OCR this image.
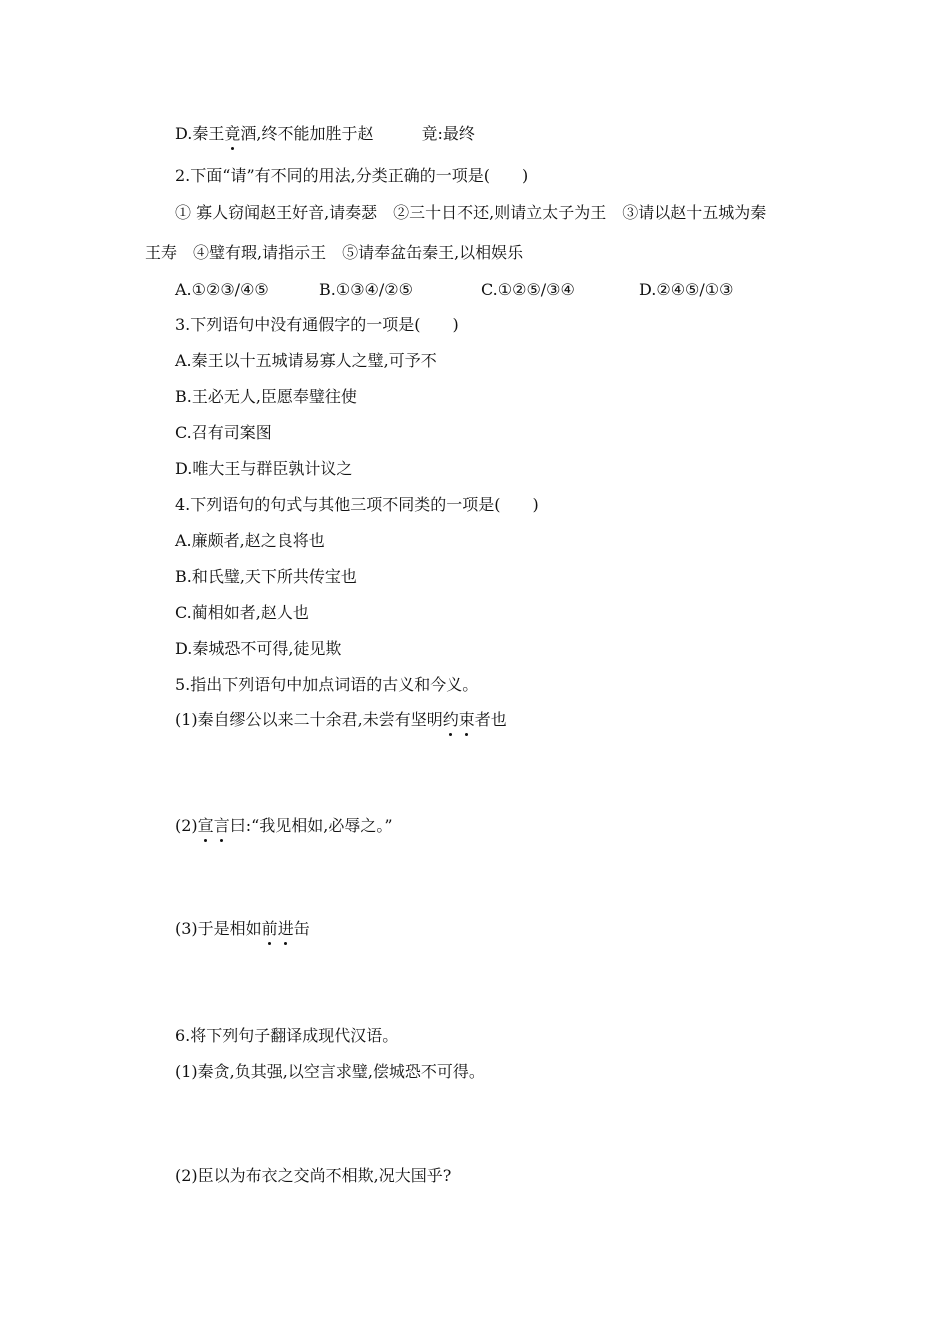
D.秦王竟酒,终不能加胜于赵	竟:最终
2.下面“请”有不同的用法,分类正确的一项是(　　)
① 寡人窃闻赵王好音,请奏瑟　②三十日不还,则请立太子为王　③请以赵十五城为秦
王寿　④璧有瑕,请指示王　⑤请奉盆缶秦王,以相娱乐
A.①②③/④⑤	B.①③④/②⑤	C.①②⑤/③④	D.②④⑤/①③
3.下列语句中没有通假字的一项是(　　)
A.秦王以十五城请易寡人之璧,可予不
B.王必无人,臣愿奉璧往使
C.召有司案图
D.唯大王与群臣孰计议之
4.下列语句的句式与其他三项不同类的一项是(　　)
A.廉颇者,赵之良将也
B.和氏璧,天下所共传宝也
C.蔺相如者,赵人也
D.秦城恐不可得,徒见欺
5.指出下列语句中加点词语的古义和今义。
(1)秦自缪公以来二十余君,未尝有坚明约束者也
(2)宣言曰:“我见相如,必辱之。”
(3)于是相如前进缶
6.将下列句子翻译成现代汉语。
(1)秦贪,负其强,以空言求璧,偿城恐不可得。
(2)臣以为布衣之交尚不相欺,况大国乎?
